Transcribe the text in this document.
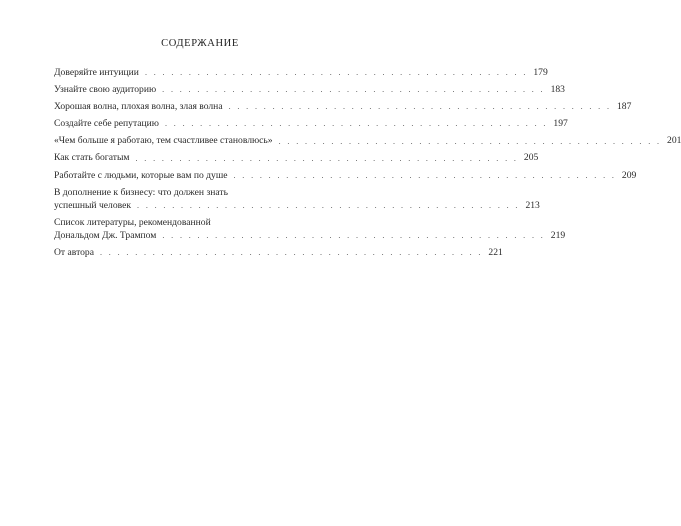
СОДЕРЖАНИЕ
Доверяйте интуиции . . . . . . . . . . . . . . . . . . . . . . . . . . . . . . . . . . . . . . . . . . . . 179
Узнайте свою аудиторию . . . . . . . . . . . . . . . . . . . . . . . . . . . . . . . . . . . . . . . . . . . . 183
Хорошая волна, плохая волна, злая волна . . . . . . . . . . . . . . . . . . . . . . . . . . . . . . . . . . . . . . . . . . . . 187
Создайте себе репутацию . . . . . . . . . . . . . . . . . . . . . . . . . . . . . . . . . . . . . . . . . . . . 197
«Чем больше я работаю, тем счастливее становлюсь» . . . . . . . . . . . . . . . . . . . . . . . . . . . . . . . . . . . . . . . . . . . . 201
Как стать богатым . . . . . . . . . . . . . . . . . . . . . . . . . . . . . . . . . . . . . . . . . . . . 205
Работайте с людьми, которые вам по душе . . . . . . . . . . . . . . . . . . . . . . . . . . . . . . . . . . . . . . . . . . . . 209
В дополнение к бизнесу: что должен знать
успешный человек . . . . . . . . . . . . . . . . . . . . . . . . . . . . . . . . . . . . . . . . . . . . 213
Список литературы, рекомендованной
Дональдом Дж. Трампом . . . . . . . . . . . . . . . . . . . . . . . . . . . . . . . . . . . . . . . . . . . . 219
От автора . . . . . . . . . . . . . . . . . . . . . . . . . . . . . . . . . . . . . . . . . . . . 221
